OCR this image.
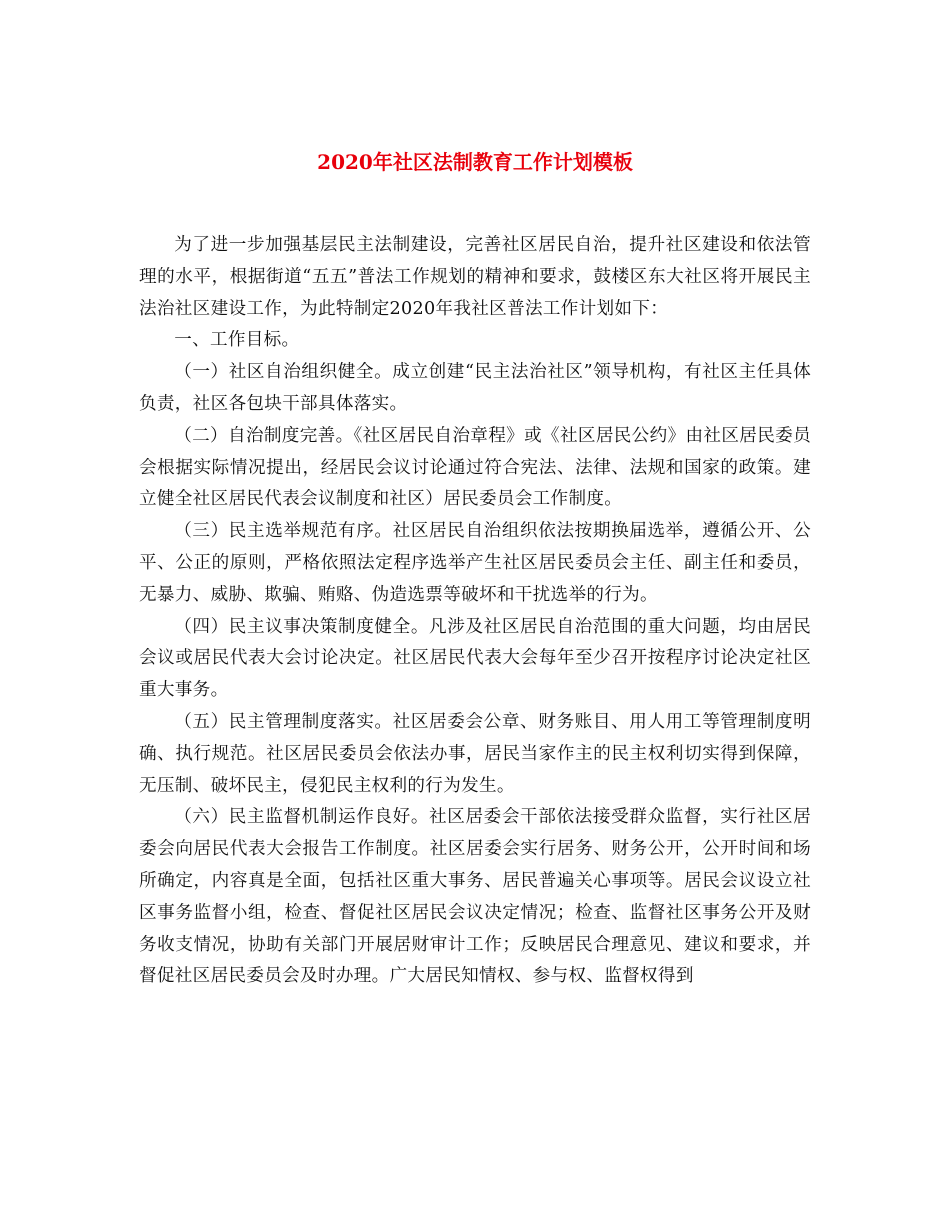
2020年社区法制教育工作计划模板

为了进一步加强基层民主法制建设，完善社区居民自治，提升社区建设和依法管理的水平，根据街道“五五”普法工作规划的精神和要求，鼓楼区东大社区将开展民主法治社区建设工作，为此特制定2020年我社区普法工作计划如下：

一、工作目标。

（一）社区自治组织健全。成立创建“民主法治社区”领导机构，有社区主任具体负责，社区各包块干部具体落实。

（二）自治制度完善。《社区居民自治章程》或《社区居民公约》由社区居民委员会根据实际情况提出，经居民会议讨论通过符合宪法、法律、法规和国家的政策。建立健全社区居民代表会议制度和社区）居民委员会工作制度。

（三）民主选举规范有序。社区居民自治组织依法按期换届选举，遵循公开、公平、公正的原则，严格依照法定程序选举产生社区居民委员会主任、副主任和委员，无暴力、威胁、欺骗、贿赂、伪造选票等破坏和干扰选举的行为。

（四）民主议事决策制度健全。凡涉及社区居民自治范围的重大问题，均由居民会议或居民代表大会讨论决定。社区居民代表大会每年至少召开按程序讨论决定社区重大事务。

（五）民主管理制度落实。社区居委会公章、财务账目、用人用工等管理制度明确、执行规范。社区居民委员会依法办事，居民当家作主的民主权利切实得到保障，无压制、破坏民主，侵犯民主权利的行为发生。

（六）民主监督机制运作良好。社区居委会干部依法接受群众监督，实行社区居委会向居民代表大会报告工作制度。社区居委会实行居务、财务公开，公开时间和场所确定，内容真是全面，包括社区重大事务、居民普遍关心事项等。居民会议设立社区事务监督小组，检查、督促社区居民会议决定情况；检查、监督社区事务公开及财务收支情况，协助有关部门开展居财审计工作；反映居民合理意见、建议和要求，并督促社区居民委员会及时办理。广大居民知情权、参与权、监督权得到
